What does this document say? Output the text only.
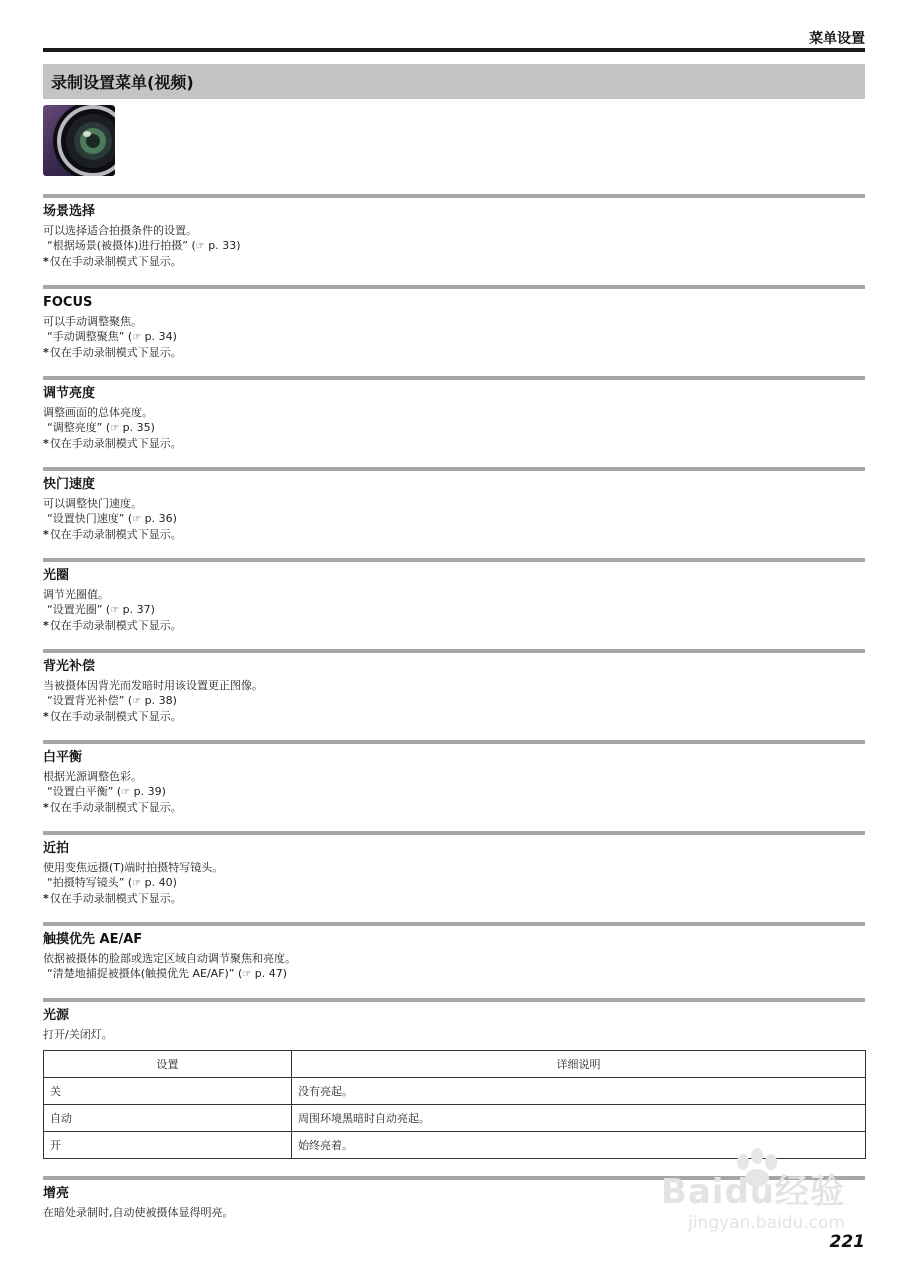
菜单设置
录制设置菜单(视频)
场景选择
可以选择适合拍摄条件的设置。
“根据场景(被摄体)进行拍摄” (☞ p. 33)
*仅在手动录制模式下显示。
FOCUS
可以手动调整聚焦。
“手动调整聚焦” (☞ p. 34)
*仅在手动录制模式下显示。
调节亮度
调整画面的总体亮度。
“调整亮度” (☞ p. 35)
*仅在手动录制模式下显示。
快门速度
可以调整快门速度。
“设置快门速度” (☞ p. 36)
*仅在手动录制模式下显示。
光圈
调节光圈值。
“设置光圈” (☞ p. 37)
*仅在手动录制模式下显示。
背光补偿
当被摄体因背光而发暗时用该设置更正图像。
“设置背光补偿” (☞ p. 38)
*仅在手动录制模式下显示。
白平衡
根据光源调整色彩。
“设置白平衡” (☞ p. 39)
*仅在手动录制模式下显示。
近拍
使用变焦远摄(T)端时拍摄特写镜头。
“拍摄特写镜头” (☞ p. 40)
*仅在手动录制模式下显示。
触摸优先 AE/AF
依据被摄体的脸部或选定区域自动调节聚焦和亮度。
“清楚地捕捉被摄体(触摸优先 AE/AF)” (☞ p. 47)
光源
打开/关闭灯。
设置	详细说明
关	没有亮起。
自动	周围环境黑暗时自动亮起。
开	始终亮着。
增亮
在暗处录制时,自动使被摄体显得明亮。
Baidu经验
jingyan.baidu.com
221
